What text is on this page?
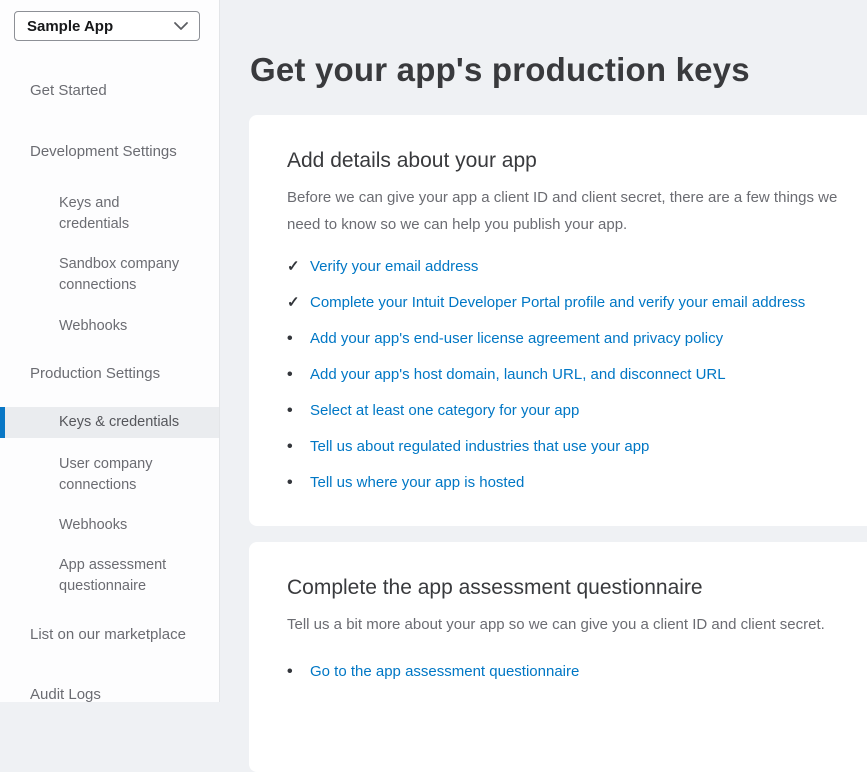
Sample App
Get Started
Development Settings
Keys and credentials
Sandbox company connections
Webhooks
Production Settings
Keys & credentials
User company connections
Webhooks
App assessment questionnaire
List on our marketplace
Audit Logs
Get your app's production keys
Add details about your app
Before we can give your app a client ID and client secret, there are a few things we need to know so we can help you publish your app.
✓ Verify your email address
✓ Complete your Intuit Developer Portal profile and verify your email address
•	Add your app's end-user license agreement and privacy policy
•	Add your app's host domain, launch URL, and disconnect URL
•	Select at least one category for your app
•	Tell us about regulated industries that use your app
•	Tell us where your app is hosted
Complete the app assessment questionnaire
Tell us a bit more about your app so we can give you a client ID and client secret.
•	Go to the app assessment questionnaire
